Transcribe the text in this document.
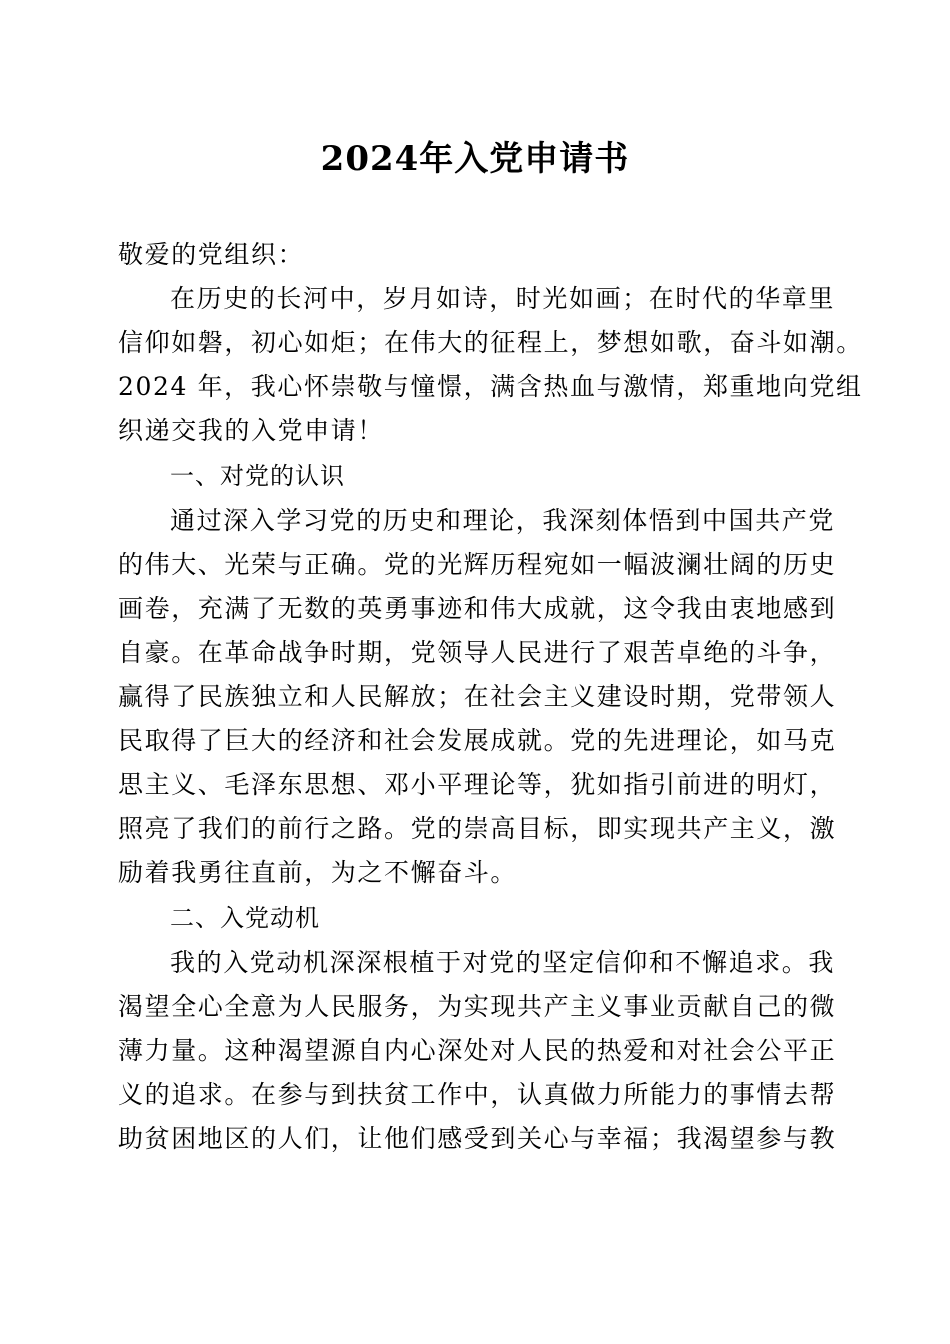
2024年入党申请书

敬爱的党组织：

在历史的长河中，岁月如诗，时光如画；在时代的华章里

信仰如磐，初心如炬；在伟大的征程上，梦想如歌，奋斗如潮。

2024 年，我心怀崇敬与憧憬，满含热血与激情，郑重地向党组

织递交我的入党申请！

一、对党的认识

通过深入学习党的历史和理论，我深刻体悟到中国共产党

的伟大、光荣与正确。党的光辉历程宛如一幅波澜壮阔的历史

画卷，充满了无数的英勇事迹和伟大成就，这令我由衷地感到

自豪。在革命战争时期，党领导人民进行了艰苦卓绝的斗争，

赢得了民族独立和人民解放；在社会主义建设时期，党带领人

民取得了巨大的经济和社会发展成就。党的先进理论，如马克

思主义、毛泽东思想、邓小平理论等，犹如指引前进的明灯，

照亮了我们的前行之路。党的崇高目标，即实现共产主义，激

励着我勇往直前，为之不懈奋斗。

二、入党动机

我的入党动机深深根植于对党的坚定信仰和不懈追求。我

渴望全心全意为人民服务，为实现共产主义事业贡献自己的微

薄力量。这种渴望源自内心深处对人民的热爱和对社会公平正

义的追求。在参与到扶贫工作中，认真做力所能力的事情去帮

助贫困地区的人们，让他们感受到关心与幸福；我渴望参与教
